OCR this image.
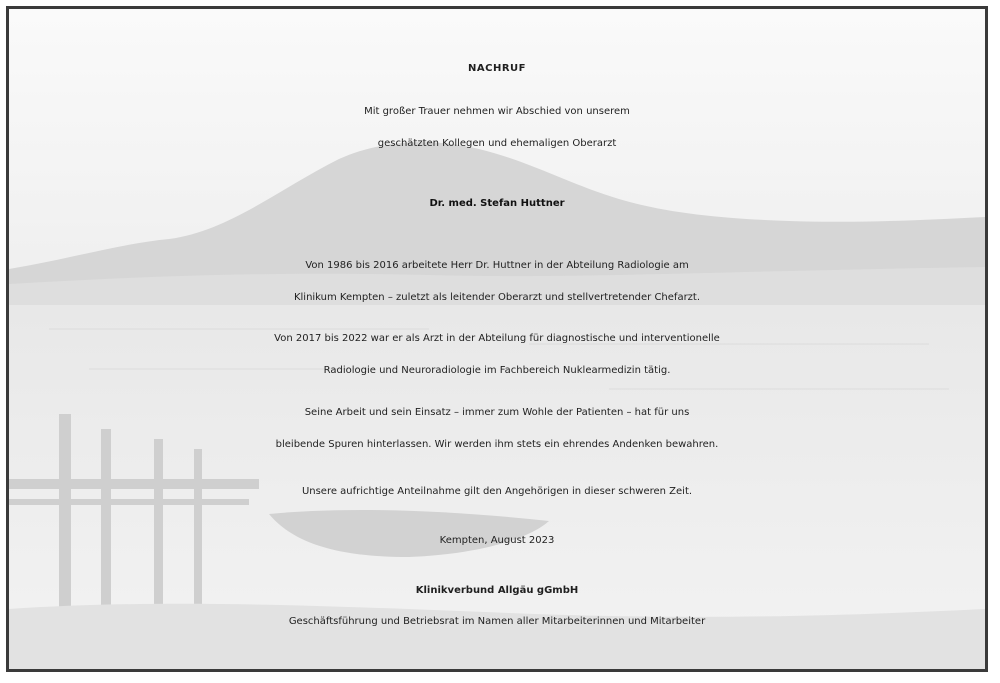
NACHRUF
Mit großer Trauer nehmen wir Abschied von unserem
geschätzten Kollegen und ehemaligen Oberarzt
Dr. med. Stefan Huttner
Von 1986 bis 2016 arbeitete Herr Dr. Huttner in der Abteilung Radiologie am
Klinikum Kempten – zuletzt als leitender Oberarzt und stellvertretender Chefarzt.
Von 2017 bis 2022 war er als Arzt in der Abteilung für diagnostische und interventionelle
Radiologie und Neuroradiologie im Fachbereich Nuklearmedizin tätig.
Seine Arbeit und sein Einsatz – immer zum Wohle der Patienten – hat für uns
bleibende Spuren hinterlassen. Wir werden ihm stets ein ehrendes Andenken bewahren.
Unsere aufrichtige Anteilnahme gilt den Angehörigen in dieser schweren Zeit.
Kempten, August 2023
Klinikverbund Allgäu gGmbH
Geschäftsführung und Betriebsrat im Namen aller Mitarbeiterinnen und Mitarbeiter
